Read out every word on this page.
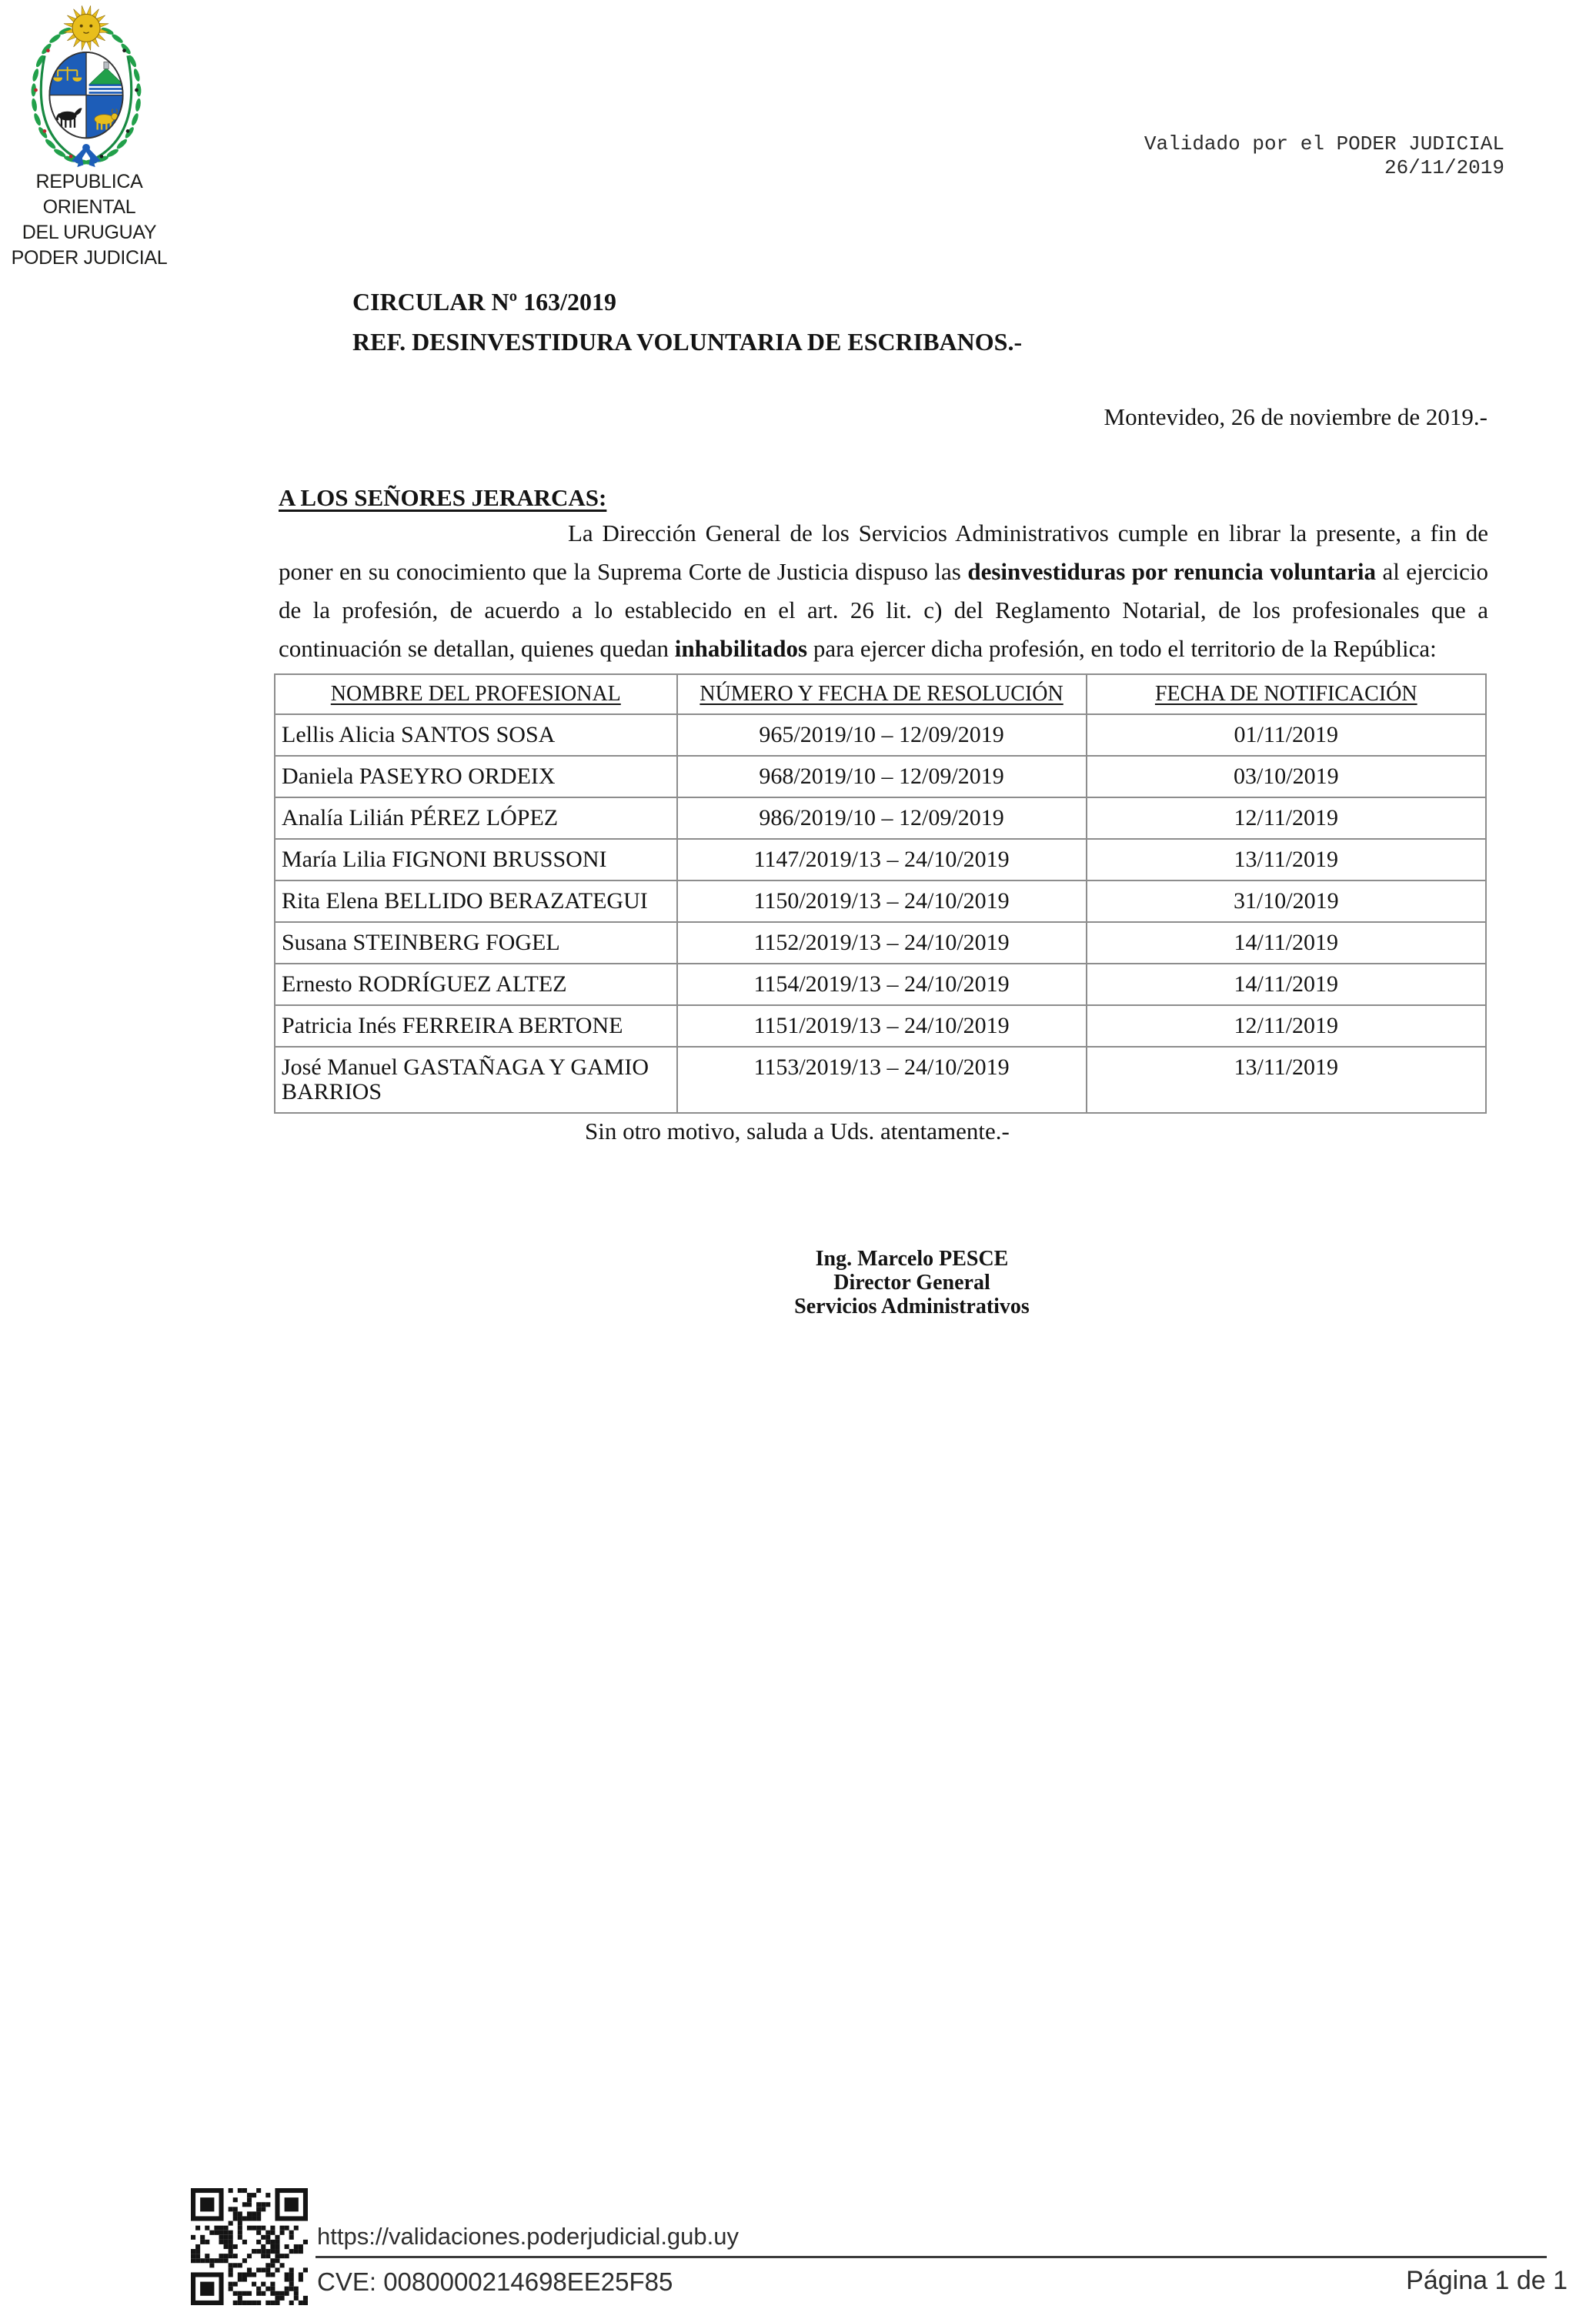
REPUBLICA ORIENTAL
DEL URUGUAY
PODER JUDICIAL
Validado por el PODER JUDICIAL
26/11/2019
CIRCULAR Nº 163/2019
REF. DESINVESTIDURA VOLUNTARIA DE ESCRIBANOS.-
Montevideo, 26 de noviembre de 2019.-
A LOS SEÑORES JERARCAS:

La Dirección General de los Servicios Administrativos cumple en librar la presente, a fin de poner en su conocimiento que la Suprema Corte de Justicia dispuso las desinvestiduras por renuncia voluntaria al ejercicio de la profesión, de acuerdo a lo establecido en el art. 26 lit. c) del Reglamento Notarial, de los profesionales que a continuación se detallan, quienes quedan inhabilitados para ejercer dicha profesión, en todo el territorio de la República:

NOMBRE DEL PROFESIONAL	NÚMERO Y FECHA DE RESOLUCIÓN	FECHA DE NOTIFICACIÓN
Lellis Alicia SANTOS SOSA	965/2019/10 – 12/09/2019	01/11/2019
Daniela PASEYRO ORDEIX	968/2019/10 – 12/09/2019	03/10/2019
Analía Lilián PÉREZ LÓPEZ	986/2019/10 – 12/09/2019	12/11/2019
María Lilia FIGNONI BRUSSONI	1147/2019/13 – 24/10/2019	13/11/2019
Rita Elena BELLIDO BERAZATEGUI	1150/2019/13 – 24/10/2019	31/10/2019
Susana STEINBERG FOGEL	1152/2019/13 – 24/10/2019	14/11/2019
Ernesto RODRÍGUEZ ALTEZ	1154/2019/13 – 24/10/2019	14/11/2019
Patricia Inés FERREIRA BERTONE	1151/2019/13 – 24/10/2019	12/11/2019
José Manuel GASTAÑAGA Y GAMIO BARRIOS	1153/2019/13 – 24/10/2019	13/11/2019
Sin otro motivo, saluda a Uds. atentamente.-
Ing. Marcelo PESCE
Director General
Servicios Administrativos
https://validaciones.poderjudicial.gub.uy
CVE: 0080000214698EE25F85	Página 1 de 1
